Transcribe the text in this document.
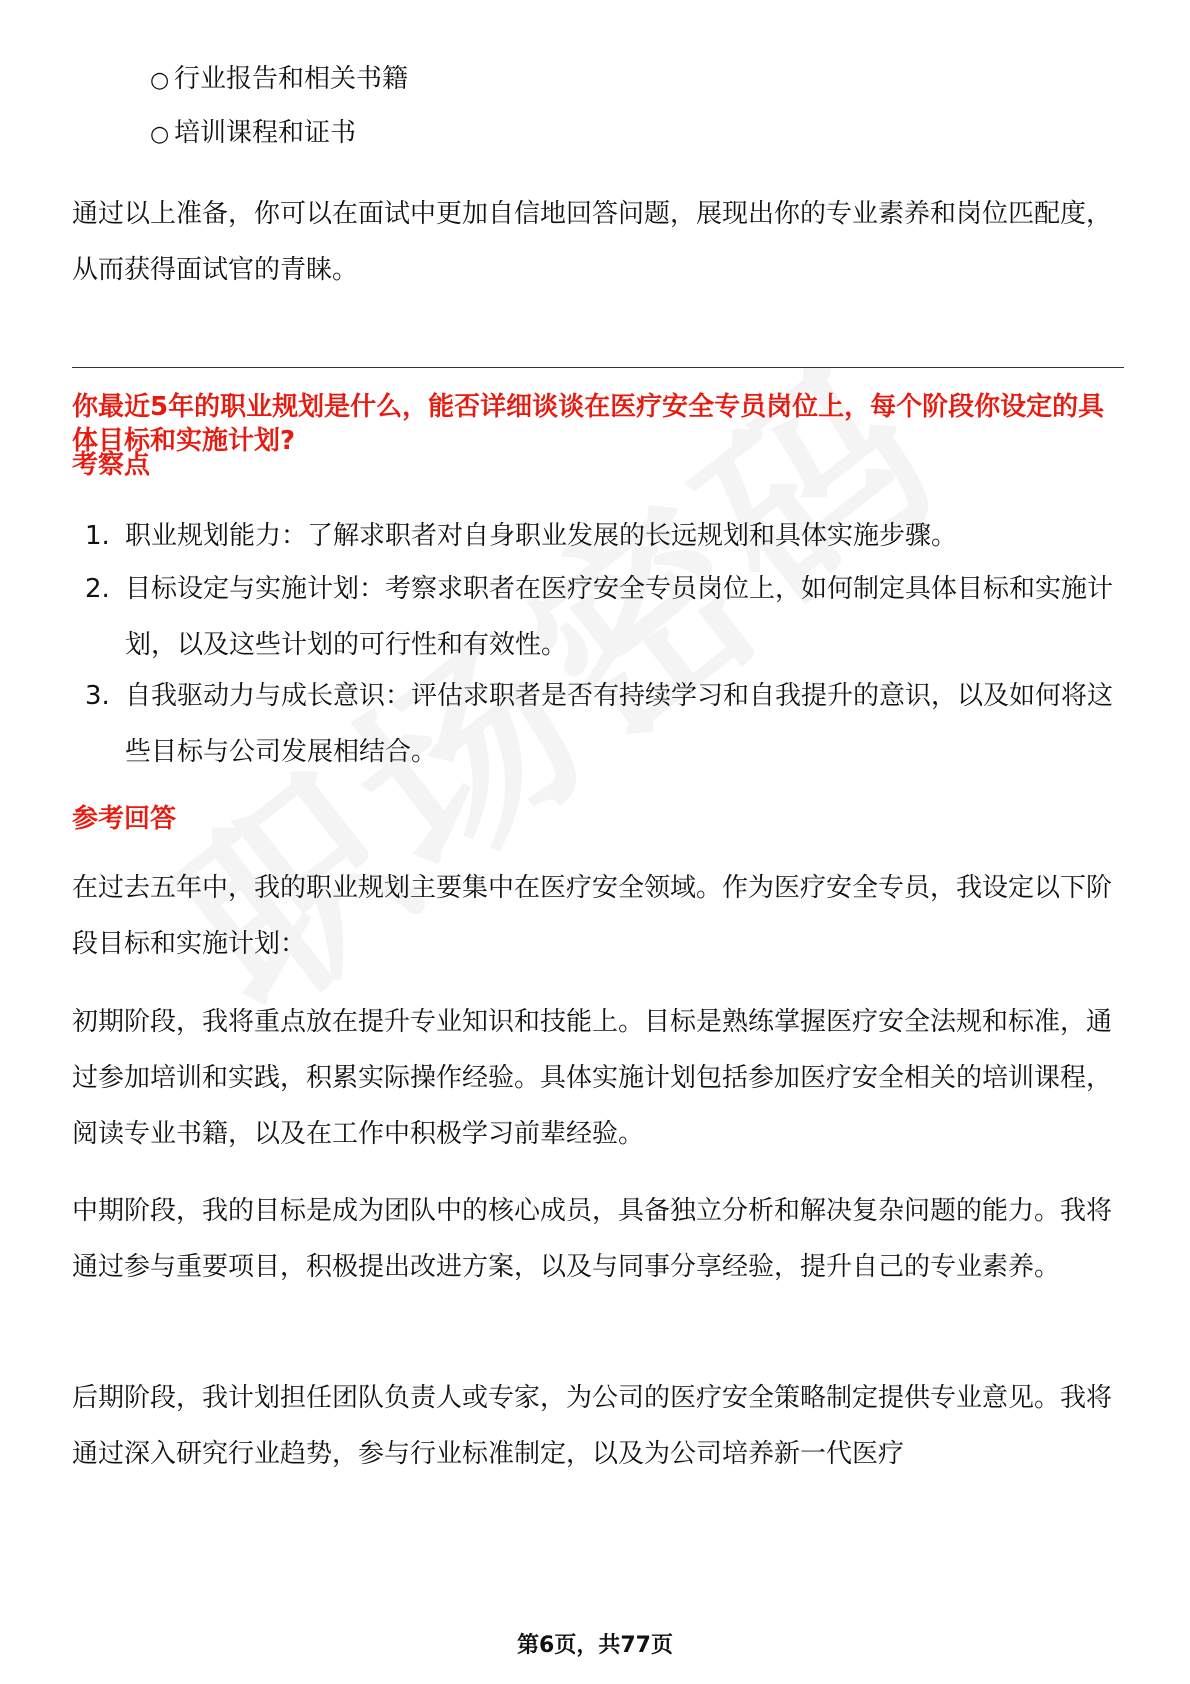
○ 行业报告和相关书籍
○ 培训课程和证书
通过以上准备，你可以在面试中更加自信地回答问题，展现出你的专业素养和岗位匹配度，从而获得面试官的青睐。
你最近5年的职业规划是什么，能否详细谈谈在医疗安全专员岗位上，每个阶段你设定的具体目标和实施计划?
考察点
1. 职业规划能力：了解求职者对自身职业发展的长远规划和具体实施步骤。
2. 目标设定与实施计划：考察求职者在医疗安全专员岗位上，如何制定具体目标和实施计划，以及这些计划的可行性和有效性。
3. 自我驱动力与成长意识：评估求职者是否有持续学习和自我提升的意识，以及如何将这些目标与公司发展相结合。
参考回答
在过去五年中，我的职业规划主要集中在医疗安全领域。作为医疗安全专员，我设定以下阶段目标和实施计划：
初期阶段，我将重点放在提升专业知识和技能上。目标是熟练掌握医疗安全法规和标准，通过参加培训和实践，积累实际操作经验。具体实施计划包括参加医疗安全相关的培训课程，阅读专业书籍，以及在工作中积极学习前辈经验。
中期阶段，我的目标是成为团队中的核心成员，具备独立分析和解决复杂问题的能力。我将通过参与重要项目，积极提出改进方案，以及与同事分享经验，提升自己的专业素养。
后期阶段，我计划担任团队负责人或专家，为公司的医疗安全策略制定提供专业意见。我将通过深入研究行业趋势，参与行业标准制定，以及为公司培养新一代医疗
第6页，共77页
